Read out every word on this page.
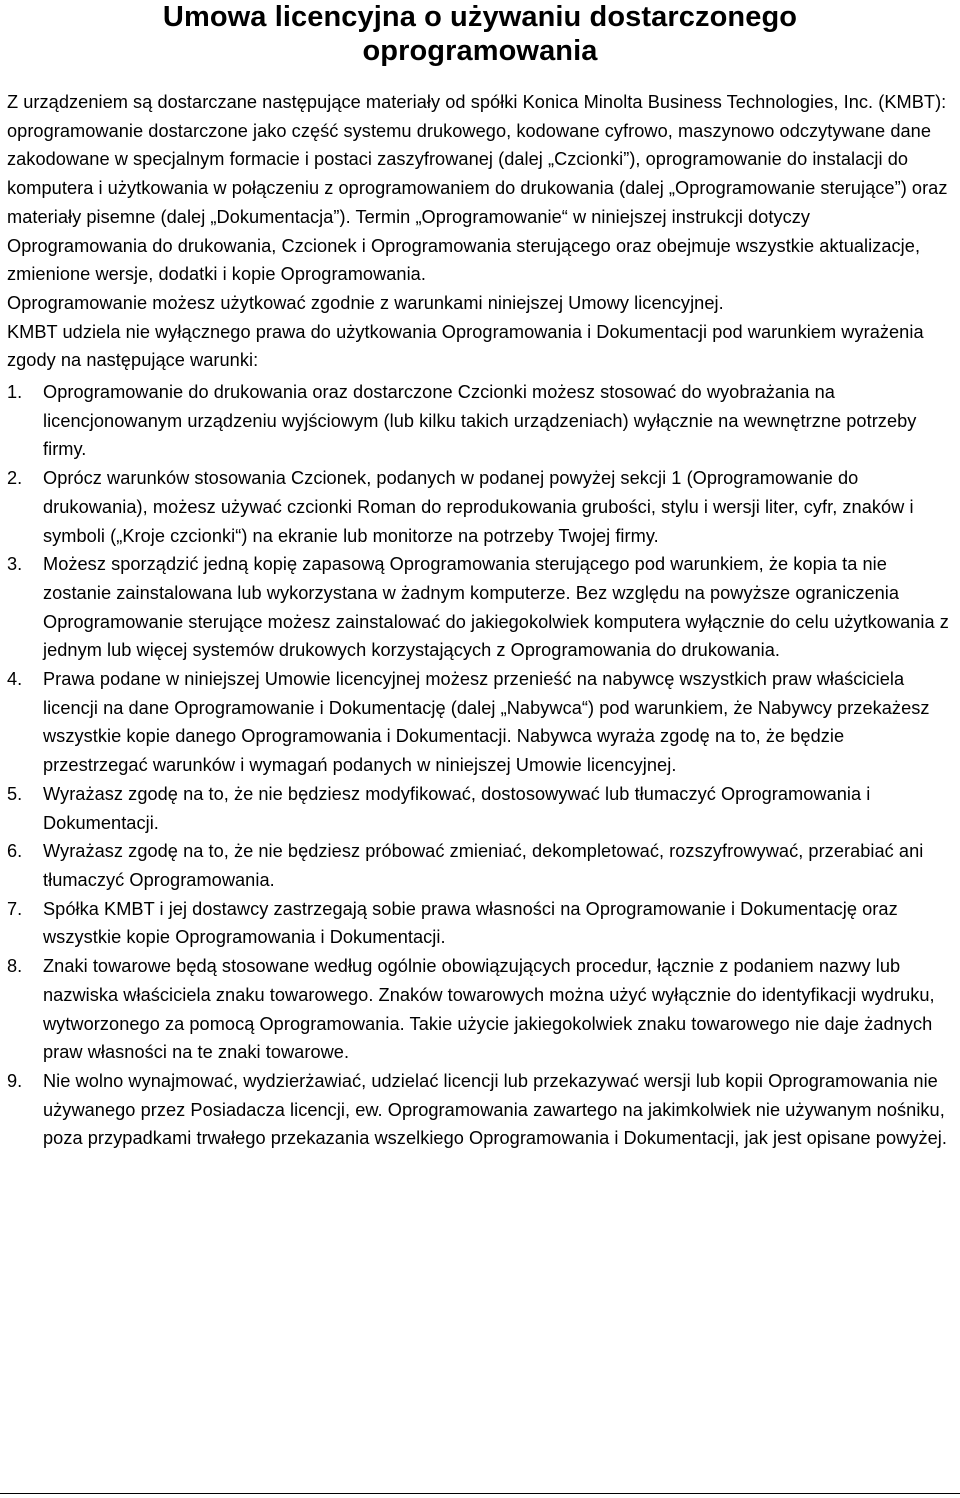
Umowa licencyjna o używaniu dostarczonego
oprogramowania

Z urządzeniem są dostarczane następujące materiały od spółki Konica Minolta Business Technologies, Inc. (KMBT): oprogramowanie dostarczone jako część systemu drukowego, kodowane cyfrowo, maszynowo odczytywane dane zakodowane w specjalnym formacie i postaci zaszyfrowanej (dalej „Czcionki”), oprogramowanie do instalacji do komputera i użytkowania w połączeniu z oprogramowaniem do drukowania (dalej „Oprogramowanie sterujące”) oraz materiały pisemne (dalej „Dokumentacja”). Termin „Oprogramowanie“ w niniejszej instrukcji dotyczy Oprogramowania do drukowania, Czcionek i Oprogramowania sterującego oraz obejmuje wszystkie aktualizacje, zmienione wersje, dodatki i kopie Oprogramowania.

Oprogramowanie możesz użytkować zgodnie z warunkami niniejszej Umowy licencyjnej.

KMBT udziela nie wyłącznego prawa do użytkowania Oprogramowania i Dokumentacji pod warunkiem wyrażenia zgody na następujące warunki:

1. Oprogramowanie do drukowania oraz dostarczone Czcionki możesz stosować do wyobrażania na licencjonowanym urządzeniu wyjściowym (lub kilku takich urządzeniach) wyłącznie na wewnętrzne potrzeby firmy.
2. Oprócz warunków stosowania Czcionek, podanych w podanej powyżej sekcji 1 (Oprogramowanie do drukowania), możesz używać czcionki Roman do reprodukowania grubości, stylu i wersji liter, cyfr, znaków i symboli („Kroje czcionki“) na ekranie lub monitorze na potrzeby Twojej firmy.
3. Możesz sporządzić jedną kopię zapasową Oprogramowania sterującego pod warunkiem, że kopia ta nie zostanie zainstalowana lub wykorzystana w żadnym komputerze. Bez względu na powyższe ograniczenia Oprogramowanie sterujące możesz zainstalować do jakiegokolwiek komputera wyłącznie do celu użytkowania z jednym lub więcej systemów drukowych korzystających z Oprogramowania do drukowania.
4. Prawa podane w niniejszej Umowie licencyjnej możesz przenieść na nabywcę wszystkich praw właściciela licencji na dane Oprogramowanie i Dokumentację (dalej „Nabywca“) pod warunkiem, że Nabywcy przekażesz wszystkie kopie danego Oprogramowania i Dokumentacji. Nabywca wyraża zgodę na to, że będzie przestrzegać warunków i wymagań podanych w niniejszej Umowie licencyjnej.
5. Wyrażasz zgodę na to, że nie będziesz modyfikować, dostosowywać lub tłumaczyć Oprogramowania i Dokumentacji.
6. Wyrażasz zgodę na to, że nie będziesz próbować zmieniać, dekompletować, rozszyfrowywać, przerabiać ani tłumaczyć Oprogramowania.
7. Spółka KMBT i jej dostawcy zastrzegają sobie prawa własności na Oprogramowanie i Dokumentację oraz wszystkie kopie Oprogramowania i Dokumentacji.
8. Znaki towarowe będą stosowane według ogólnie obowiązujących procedur, łącznie z podaniem nazwy lub nazwiska właściciela znaku towarowego. Znaków towarowych można użyć wyłącznie do identyfikacji wydruku, wytworzonego za pomocą Oprogramowania. Takie użycie jakiegokolwiek znaku towarowego nie daje żadnych praw własności na te znaki towarowe.
9. Nie wolno wynajmować, wydzierżawiać, udzielać licencji lub przekazywać wersji lub kopii Oprogramowania nie używanego przez Posiadacza licencji, ew. Oprogramowania zawartego na jakimkolwiek nie używanym nośniku, poza przypadkami trwałego przekazania wszelkiego Oprogramowania i Dokumentacji, jak jest opisane powyżej.
